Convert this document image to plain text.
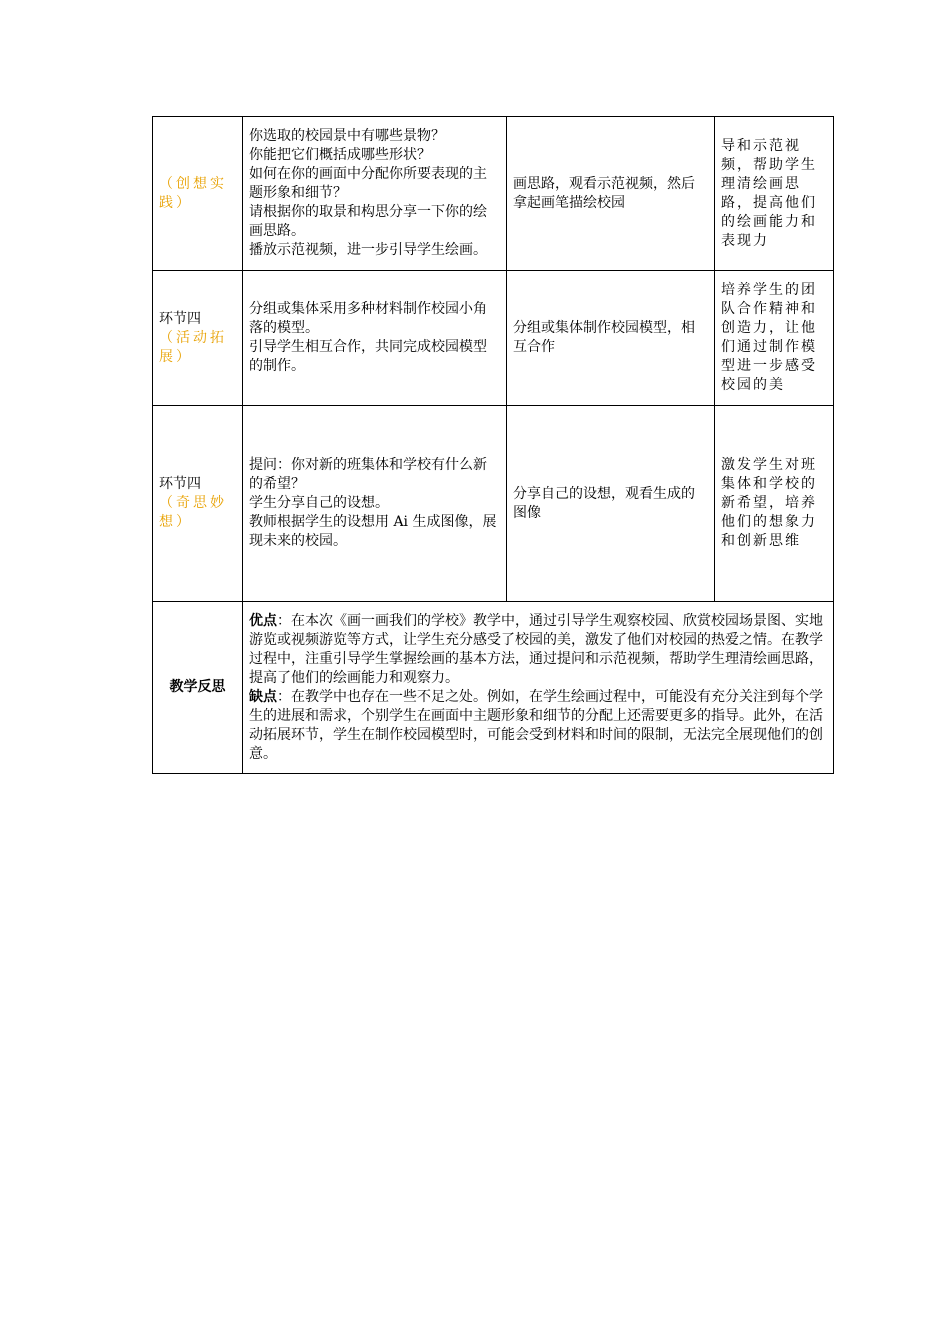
（创想实践）	你选取的校园景中有哪些景物？
你能把它们概括成哪些形状？
如何在你的画面中分配你所要表现的主题形象和细节？
请根据你的取景和构思分享一下你的绘画思路。
播放示范视频，进一步引导学生绘画。	画思路，观看示范视频，然后拿起画笔描绘校园	导和示范视频，帮助学生理清绘画思路，提高他们的绘画能力和表现力

环节四
（活动拓展）	分组或集体采用多种材料制作校园小角落的模型。
引导学生相互合作，共同完成校园模型的制作。	分组或集体制作校园模型，相互合作	培养学生的团队合作精神和创造力，让他们通过制作模型进一步感受校园的美

环节四
（奇思妙想）	提问：你对新的班集体和学校有什么新的希望？
学生分享自己的设想。
教师根据学生的设想用 Ai 生成图像，展现未来的校园。	分享自己的设想，观看生成的图像	激发学生对班集体和学校的新希望，培养他们的想象力和创新思维
教学反思	优点：在本次《画一画我们的学校》教学中，通过引导学生观察校园、欣赏校园场景图、实地游览或视频游览等方式，让学生充分感受了校园的美，激发了他们对校园的热爱之情。在教学过程中，注重引导学生掌握绘画的基本方法，通过提问和示范视频，帮助学生理清绘画思路，提高了他们的绘画能力和观察力。
缺点：在教学中也存在一些不足之处。例如，在学生绘画过程中，可能没有充分关注到每个学生的进展和需求，个别学生在画面中主题形象和细节的分配上还需要更多的指导。此外，在活动拓展环节，学生在制作校园模型时，可能会受到材料和时间的限制，无法完全展现他们的创意。		
